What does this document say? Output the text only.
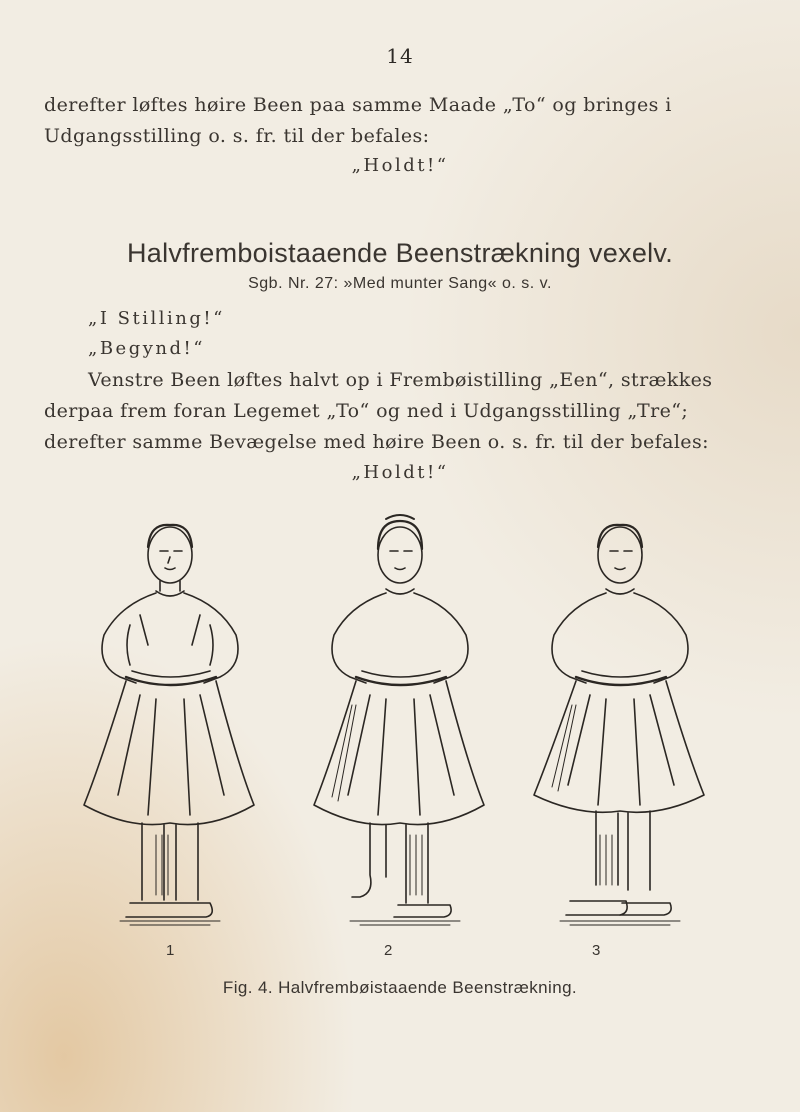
14
derefter løftes høire Been paa samme Maade „To“ og bringes i Udgangsstilling o. s. fr. til der befales:
„Holdt!“
Halvfremboistaaende Beenstrækning vexelv.
Sgb. Nr. 27: »Med munter Sang« o. s. v.
„I Stilling!“
„Begynd!“
Venstre Been løftes halvt op i Frembøistilling „Een“, strækkes derpaa frem foran Legemet „To“ og ned i Udgangsstilling „Tre“; derefter samme Bevægelse med høire Been o. s. fr. til der befales:
„Holdt!“
1	2	3
Fig. 4. Halvfrembøistaaende Beenstrækning.
